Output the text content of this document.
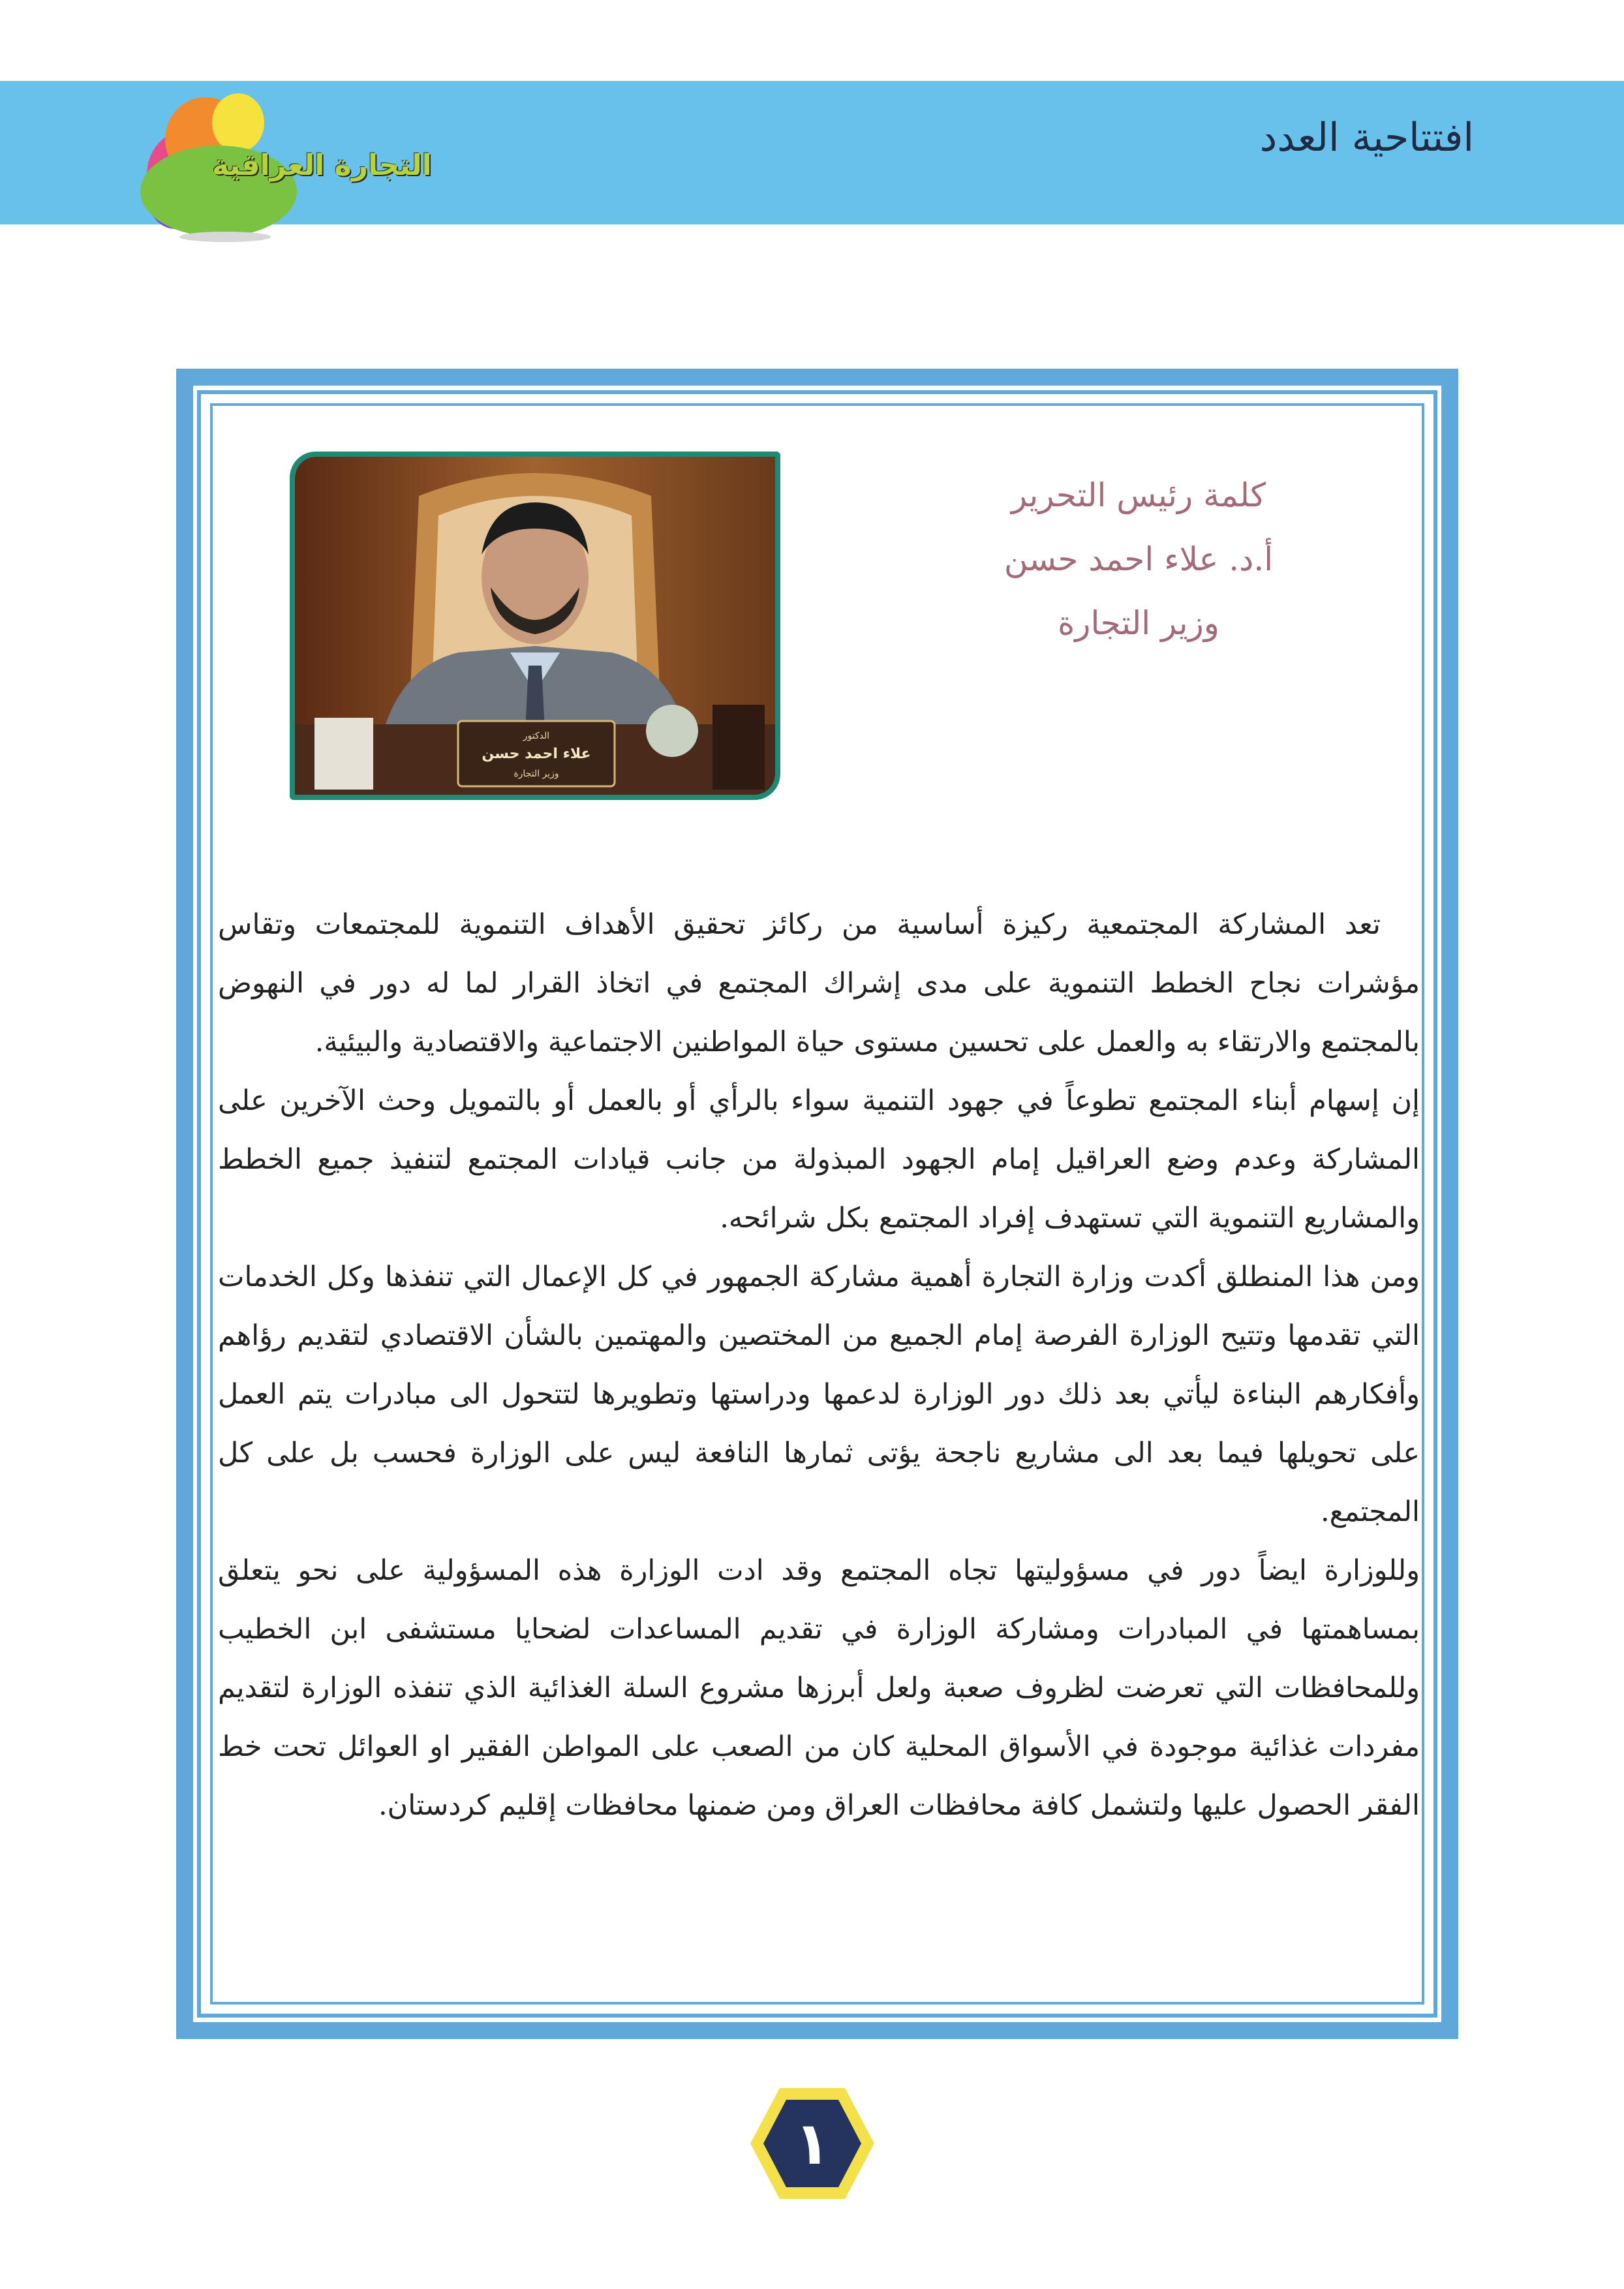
افتتاحية العدد
التجارة العراقية
الدكتور
علاء احمد حسن
وزير التجارة
كلمة رئيس التحرير
أ.د. علاء احمد حسن
وزير التجارة

تعد المشاركة المجتمعية ركيزة أساسية من ركائز تحقيق الأهداف التنموية للمجتمعات وتقاس مؤشرات نجاح الخطط التنموية على مدى إشراك المجتمع في اتخاذ القرار لما له دور في النهوض بالمجتمع والارتقاء به والعمل على تحسين مستوى حياة المواطنين الاجتماعية والاقتصادية والبيئية.

إن إسهام أبناء المجتمع تطوعاً في جهود التنمية سواء بالرأي أو بالعمل أو بالتمويل وحث الآخرين على المشاركة وعدم وضع العراقيل إمام الجهود المبذولة من جانب قيادات المجتمع لتنفيذ جميع الخطط والمشاريع التنموية التي تستهدف إفراد المجتمع بكل شرائحه.

ومن هذا المنطلق أكدت وزارة التجارة أهمية مشاركة الجمهور في كل الإعمال التي تنفذها وكل الخدمات التي تقدمها وتتيح الوزارة الفرصة إمام الجميع من المختصين والمهتمين بالشأن الاقتصادي لتقديم رؤاهم وأفكارهم البناءة ليأتي بعد ذلك دور الوزارة لدعمها ودراستها وتطويرها لتتحول الى مبادرات يتم العمل على تحويلها فيما بعد الى مشاريع ناجحة يؤتى ثمارها النافعة ليس على الوزارة فحسب بل على كل المجتمع.

وللوزارة ايضاً دور في مسؤوليتها تجاه المجتمع وقد ادت الوزارة هذه المسؤولية على نحو يتعلق بمساهمتها في المبادرات ومشاركة الوزارة في تقديم المساعدات لضحايا مستشفى ابن الخطيب وللمحافظات التي تعرضت لظروف صعبة ولعل أبرزها مشروع السلة الغذائية الذي تنفذه الوزارة لتقديم مفردات غذائية موجودة في الأسواق المحلية كان من الصعب على المواطن الفقير او العوائل تحت خط الفقر الحصول عليها ولتشمل كافة محافظات العراق ومن ضمنها محافظات إقليم كردستان.

١
